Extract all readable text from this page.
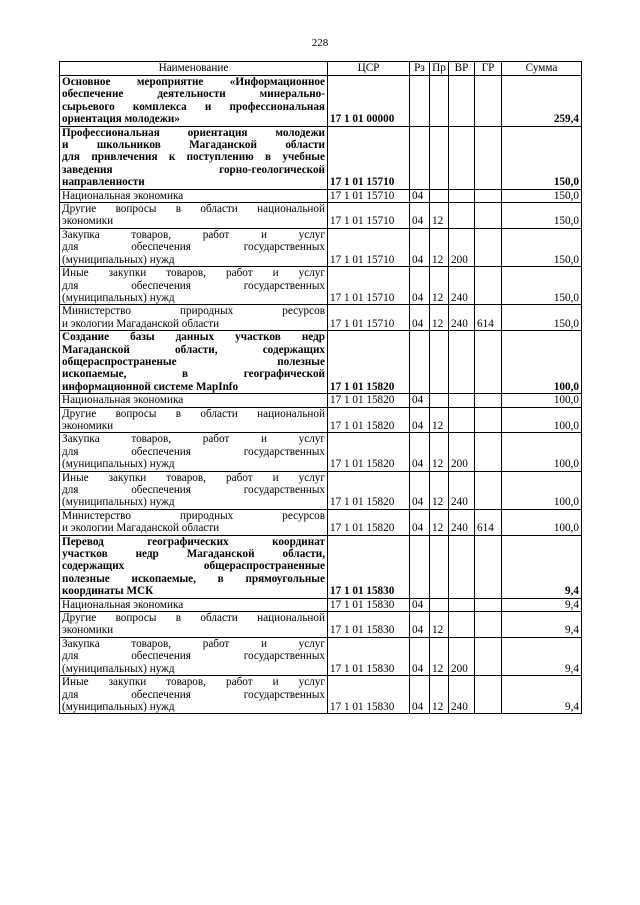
228
Наименование	ЦСР	Рз	Пр	ВР	ГР	Сумма

Основное мероприятие «Информационное
обеспечение деятельности минерально-
сырьевого комплекса и профессиональная
ориентация молодежи»	17 1 01 00000					259,4

Профессиональная ориентация молодежи
и школьников Магаданской области
для привлечения к поступлению в учебные
заведения горно-геологической
направленности	17 1 01 15710					150,0

Национальная экономика	17 1 01 15710	04				150,0

Другие вопросы в области национальной
экономики	17 1 01 15710	04	12			150,0

Закупка товаров, работ и услуг
для обеспечения государственных
(муниципальных) нужд	17 1 01 15710	04	12	200		150,0

Иные закупки товаров, работ и услуг
для обеспечения государственных
(муниципальных) нужд	17 1 01 15710	04	12	240		150,0

Министерство природных ресурсов
и экологии Магаданской области	17 1 01 15710	04	12	240	614	150,0

Создание базы данных участков недр
Магаданской области, содержащих
общераспространеные полезные
ископаемые, в географической
информационной системе MapInfo	17 1 01 15820					100,0

Национальная экономика	17 1 01 15820	04				100,0

Другие вопросы в области национальной
экономики	17 1 01 15820	04	12			100,0

Закупка товаров, работ и услуг
для обеспечения государственных
(муниципальных) нужд	17 1 01 15820	04	12	200		100,0

Иные закупки товаров, работ и услуг
для обеспечения государственных
(муниципальных) нужд	17 1 01 15820	04	12	240		100,0

Министерство природных ресурсов
и экологии Магаданской области	17 1 01 15820	04	12	240	614	100,0

Перевод географических координат
участков недр Магаданской области,
содержащих общераспространенные
полезные ископаемые, в прямоугольные
координаты МСК	17 1 01 15830					9,4

Национальная экономика	17 1 01 15830	04				9,4

Другие вопросы в области национальной
экономики	17 1 01 15830	04	12			9,4

Закупка товаров, работ и услуг
для обеспечения государственных
(муниципальных) нужд	17 1 01 15830	04	12	200		9,4

Иные закупки товаров, работ и услуг
для обеспечения государственных
(муниципальных) нужд	17 1 01 15830	04	12	240		9,4
